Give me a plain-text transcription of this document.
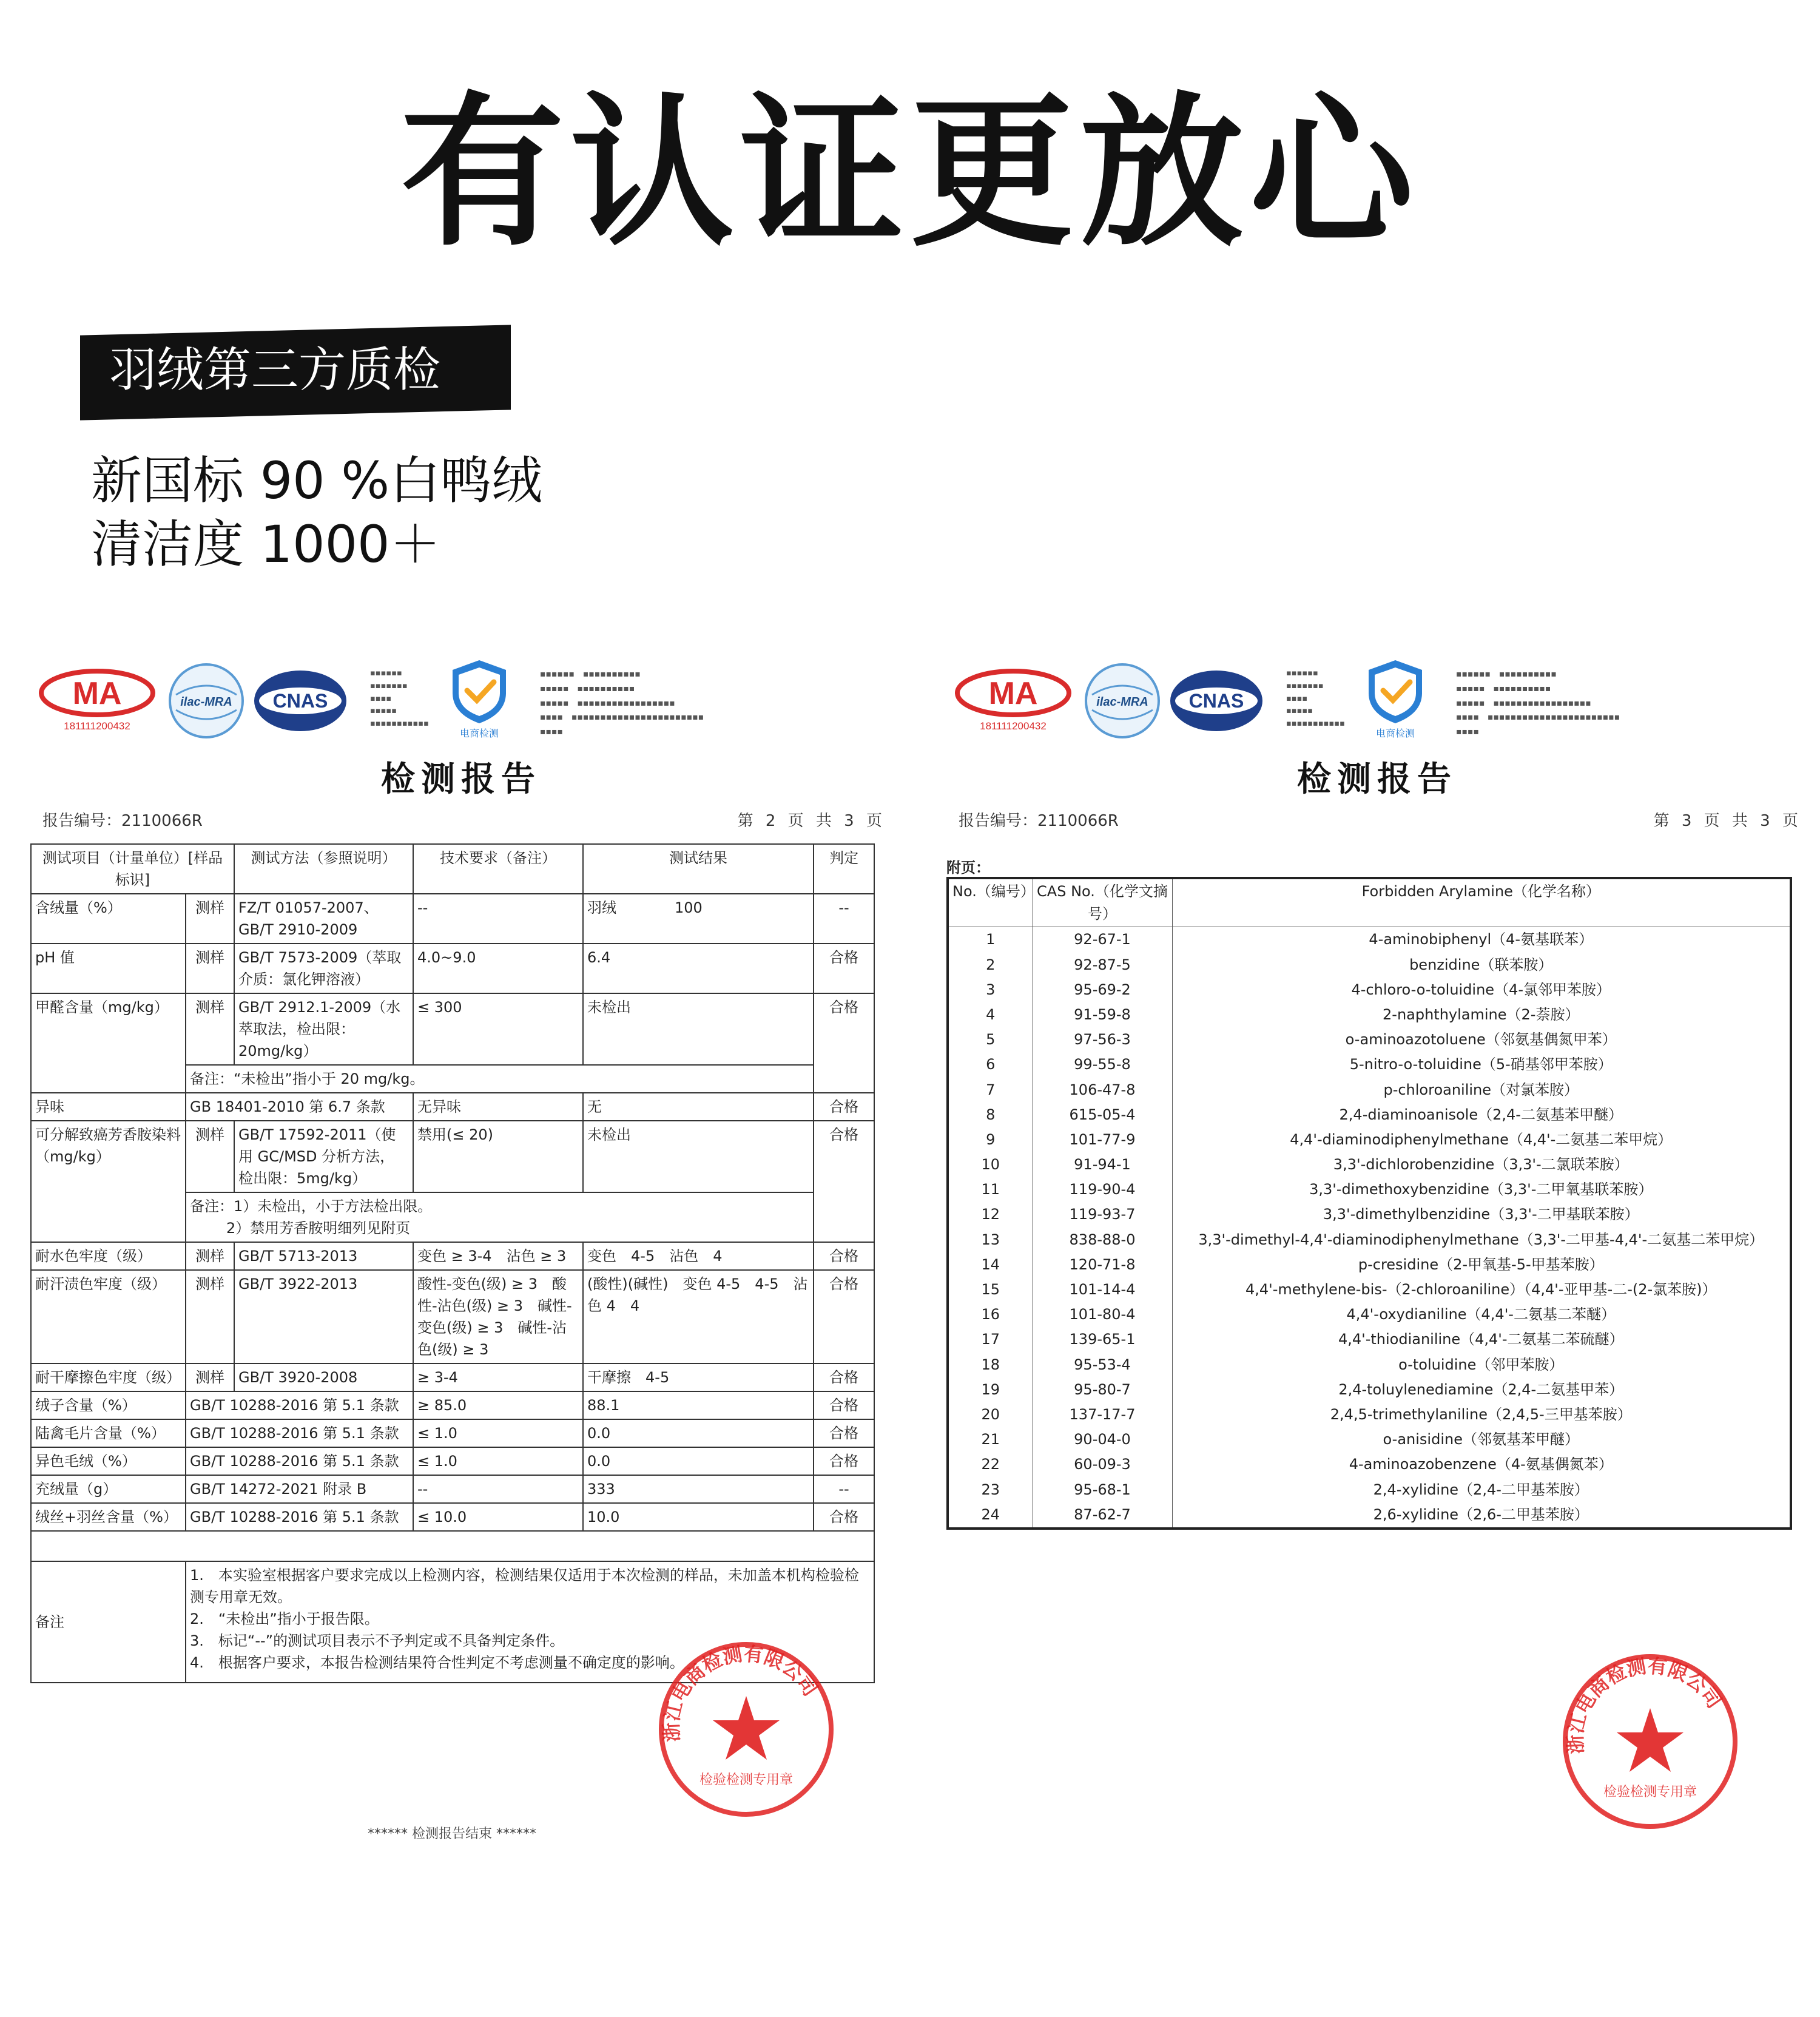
有认证更放心
羽绒第三方质检
新国标 90 %白鸭绒
清洁度 1000＋
MA
181111200432
ilac-MRA CNAS
▪▪▪▪▪▪
▪▪▪▪▪▪▪
▪▪▪▪
▪▪▪▪▪
▪▪▪▪▪▪▪▪▪▪▪
电商检测
▪▪▪▪▪▪　▪▪▪▪▪▪▪▪▪▪
▪▪▪▪▪　▪▪▪▪▪▪▪▪▪▪
▪▪▪▪▪　▪▪▪▪▪▪▪▪▪▪▪▪▪▪▪▪▪
▪▪▪▪　▪▪▪▪▪▪▪▪▪▪▪▪▪▪▪▪▪▪▪▪▪▪▪
▪▪▪▪
检测报告
报告编号：2110066R	第 2 页 共 3 页
测试项目（计量单位）[样品标识]		测试方法（参照说明）	技术要求（备注）	测试结果	判定
含绒量（%）	测样	FZ/T 01057-2007、GB/T 2910-2009	--	羽绒　　　　100	--
pH 值	测样	GB/T 7573-2009（萃取介质：氯化钾溶液）	4.0~9.0	6.4	合格
甲醛含量（mg/kg）	测样	GB/T 2912.1-2009（水萃取法，检出限：20mg/kg）	≤ 300	未检出	合格
	备注：“未检出”指小于 20 mg/kg。				
异味	GB 18401-2010 第 6.7 条款		无异味	无	合格
可分解致癌芳香胺染料（mg/kg）	测样	GB/T 17592-2011（使用 GC/MSD 分析方法，检出限：5mg/kg）	禁用(≤ 20)	未检出	合格

	备注：1）未检出，小于方法检出限。
2）禁用芳香胺明细列见附页				

耐水色牢度（级）	测样	GB/T 5713-2013	变色 ≥ 3-4　沾色 ≥ 3	变色　4-5　沾色　4	合格
耐汗渍色牢度（级）	测样	GB/T 3922-2013	酸性-变色(级) ≥ 3　酸性-沾色(级) ≥ 3　碱性-变色(级) ≥ 3　碱性-沾色(级) ≥ 3	(酸性)(碱性)　变色 4-5　4-5　沾色 4　4	合格
耐干摩擦色牢度（级）	测样	GB/T 3920-2008	≥ 3-4	干摩擦　4-5	合格
绒子含量（%）	GB/T 10288-2016 第 5.1 条款		≥ 85.0	88.1	合格
陆禽毛片含量（%）	GB/T 10288-2016 第 5.1 条款		≤ 1.0	0.0	合格
异色毛绒（%）	GB/T 10288-2016 第 5.1 条款		≤ 1.0	0.0	合格
充绒量（g）	GB/T 14272-2021 附录 B		--	333	--
绒丝+羽丝含量（%）	GB/T 10288-2016 第 5.1 条款		≤ 10.0	10.0	合格

备注	1.　本实验室根据客户要求完成以上检测内容，检测结果仅适用于本次检测的样品，未加盖本机构检验检测专用章无效。
2.　“未检出”指小于报告限。
3.　标记“--”的测试项目表示不予判定或不具备判定条件。
4.　根据客户要求，本报告检测结果符合性判定不考虑测量不确定度的影响。				
****** 检测报告结束 ******
浙江电商检测有限公司
检验检测专用章
MA
181111200432
ilac-MRA CNAS
▪▪▪▪▪▪
▪▪▪▪▪▪▪
▪▪▪▪
▪▪▪▪▪
▪▪▪▪▪▪▪▪▪▪▪
电商检测
▪▪▪▪▪▪　▪▪▪▪▪▪▪▪▪▪
▪▪▪▪▪　▪▪▪▪▪▪▪▪▪▪
▪▪▪▪▪　▪▪▪▪▪▪▪▪▪▪▪▪▪▪▪▪▪
▪▪▪▪　▪▪▪▪▪▪▪▪▪▪▪▪▪▪▪▪▪▪▪▪▪▪▪
▪▪▪▪
检测报告
报告编号：2110066R	第 3 页 共 3 页
附页：
No.（编号）	CAS No.（化学文摘号）	Forbidden Arylamine（化学名称）
1	92-67-1	4-aminobiphenyl（4-氨基联苯）
2	92-87-5	benzidine（联苯胺）
3	95-69-2	4-chloro-o-toluidine（4-氯邻甲苯胺）
4	91-59-8	2-naphthylamine（2-萘胺）
5	97-56-3	o-aminoazotoluene（邻氨基偶氮甲苯）
6	99-55-8	5-nitro-o-toluidine（5-硝基邻甲苯胺）
7	106-47-8	p-chloroaniline（对氯苯胺）
8	615-05-4	2,4-diaminoanisole（2,4-二氨基苯甲醚）
9	101-77-9	4,4'-diaminodiphenylmethane（4,4'-二氨基二苯甲烷）
10	91-94-1	3,3'-dichlorobenzidine（3,3'-二氯联苯胺）
11	119-90-4	3,3'-dimethoxybenzidine（3,3'-二甲氧基联苯胺）
12	119-93-7	3,3'-dimethylbenzidine（3,3'-二甲基联苯胺）
13	838-88-0	3,3'-dimethyl-4,4'-diaminodiphenylmethane（3,3'-二甲基-4,4'-二氨基二苯甲烷）
14	120-71-8	p-cresidine（2-甲氧基-5-甲基苯胺）
15	101-14-4	4,4'-methylene-bis-（2-chloroaniline）（4,4'-亚甲基-二-(2-氯苯胺)）
16	101-80-4	4,4'-oxydianiline（4,4'-二氨基二苯醚）
17	139-65-1	4,4'-thiodianiline（4,4'-二氨基二苯硫醚）
18	95-53-4	o-toluidine（邻甲苯胺）
19	95-80-7	2,4-toluylenediamine（2,4-二氨基甲苯）
20	137-17-7	2,4,5-trimethylaniline（2,4,5-三甲基苯胺）
21	90-04-0	o-anisidine（邻氨基苯甲醚）
22	60-09-3	4-aminoazobenzene（4-氨基偶氮苯）
23	95-68-1	2,4-xylidine（2,4-二甲基苯胺）
24	87-62-7	2,6-xylidine（2,6-二甲基苯胺）
浙江电商检测有限公司
检验检测专用章
